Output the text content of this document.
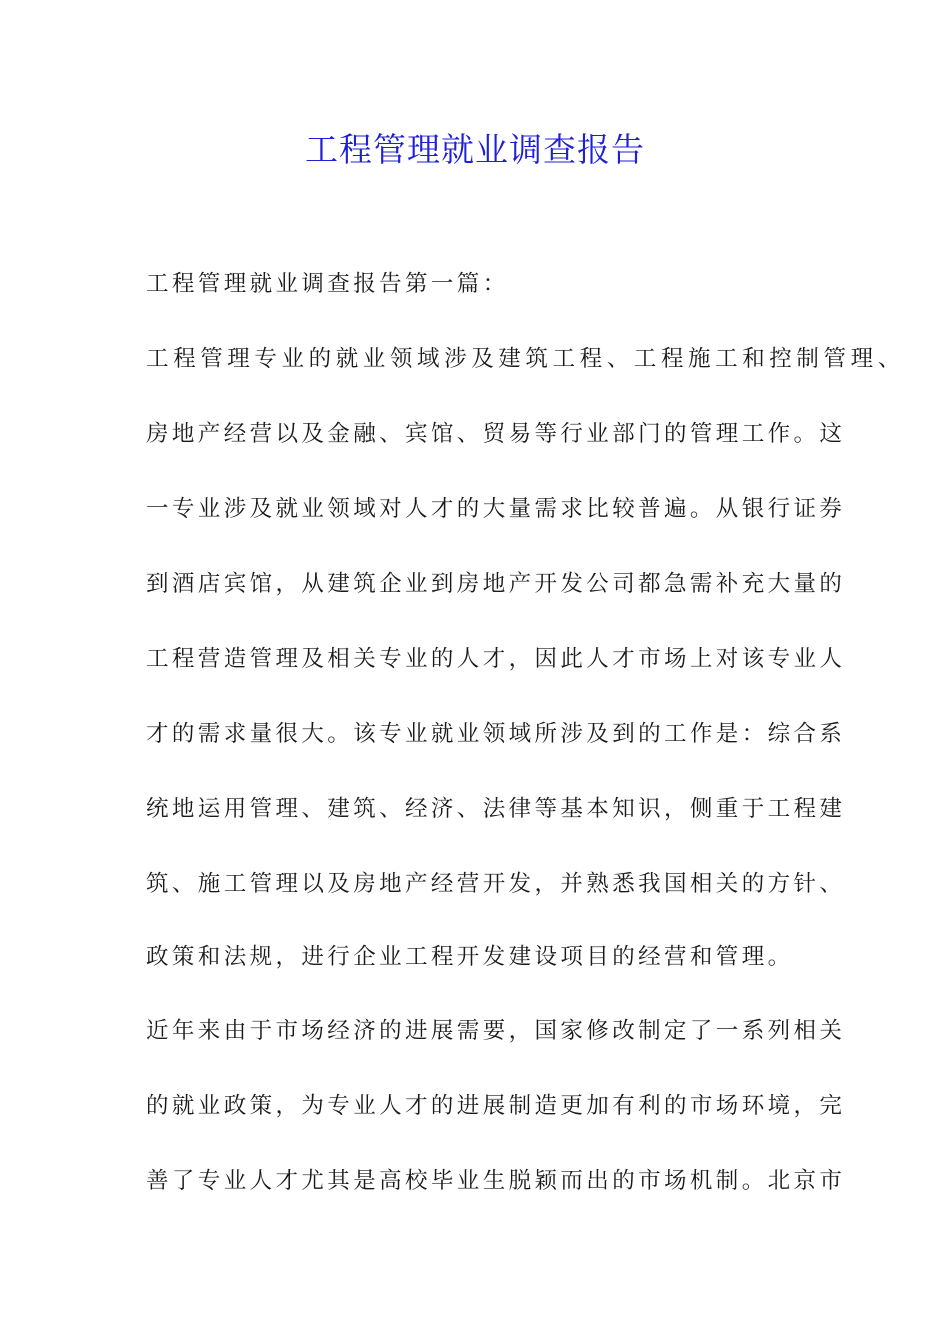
工程管理就业调查报告

工程管理就业调查报告第一篇：

工程管理专业的就业领域涉及建筑工程、工程施工和控制管理、

房地产经营以及金融、宾馆、贸易等行业部门的管理工作。这

一专业涉及就业领域对人才的大量需求比较普遍。从银行证券

到酒店宾馆，从建筑企业到房地产开发公司都急需补充大量的

工程营造管理及相关专业的人才，因此人才市场上对该专业人

才的需求量很大。该专业就业领域所涉及到的工作是：综合系

统地运用管理、建筑、经济、法律等基本知识，侧重于工程建

筑、施工管理以及房地产经营开发，并熟悉我国相关的方针、

政策和法规，进行企业工程开发建设项目的经营和管理。

近年来由于市场经济的进展需要，国家修改制定了一系列相关

的就业政策，为专业人才的进展制造更加有利的市场环境，完

善了专业人才尤其是高校毕业生脱颖而出的市场机制。北京市
